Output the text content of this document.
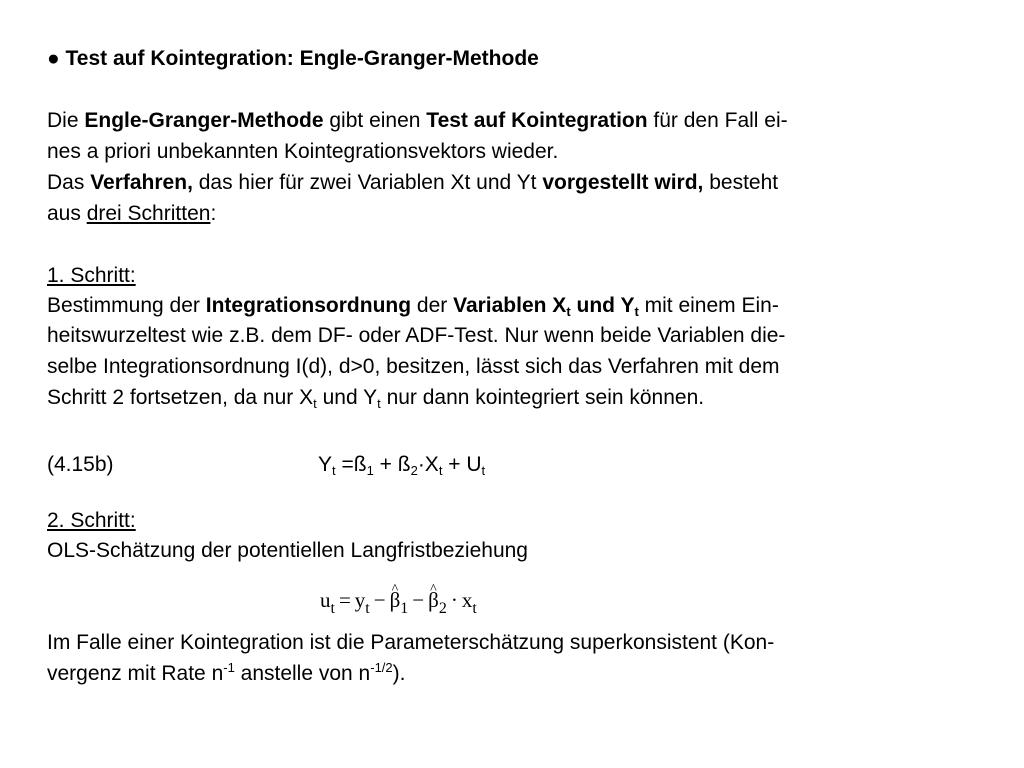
● Test auf Kointegration: Engle-Granger-Methode
Die Engle-Granger-Methode gibt einen Test auf Kointegration für den Fall ei-
nes a priori unbekannten Kointegrationsvektors wieder.
Das Verfahren, das hier für zwei Variablen Xt und Yt vorgestellt wird, besteht
aus drei Schritten:
1. Schritt:
Bestimmung der Integrationsordnung der Variablen $X_t$ und $Y_t$ mit einem Ein-
heitswurzeltest wie z.B. dem DF- oder ADF-Test. Nur wenn beide Variablen die-
selbe Integrationsordnung I(d), d>0, besitzen, lässt sich das Verfahren mit dem
Schritt 2 fortsetzen, da nur $X_t$ und $Y_t$ nur dann kointegriert sein können.
(4.15b)	$Y_t$ $=ß_1$ + $ß_2\cdot X_t + U_t$
2. Schritt:
OLS-Schätzung der potentiellen Langfristbeziehung
$u_t = y_t$ − ^ $\beta_1$ − ^ $\beta_2 \cdot x_t$
Im Falle einer Kointegration ist die Parameterschätzung superkonsistent (Kon-
vergenz mit Rate $n^{-1}$ anstelle von $n^{-1/2}$).
